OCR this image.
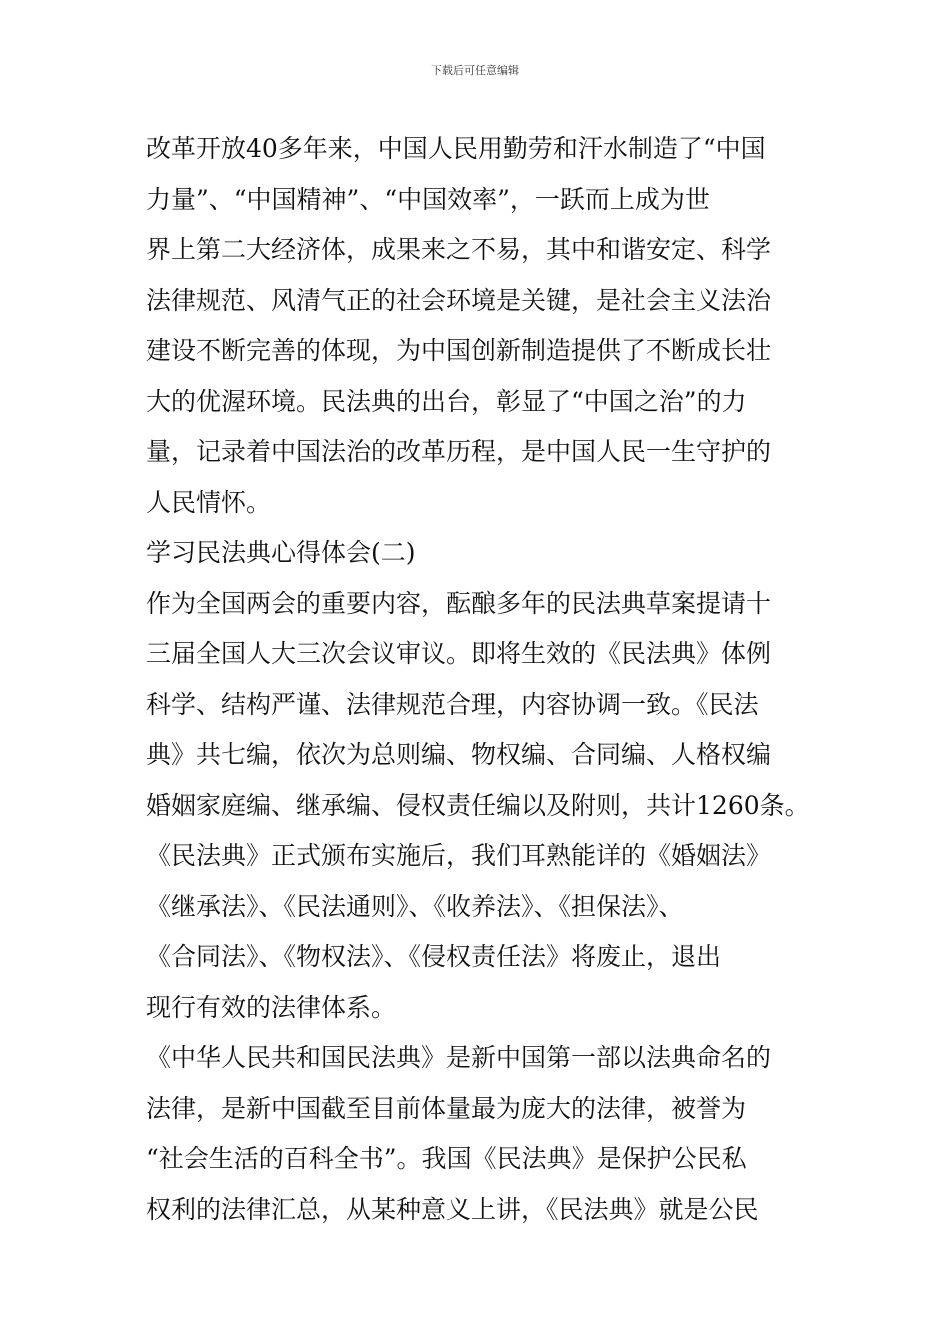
下载后可任意编辑
改革开放40多年来，中国人民用勤劳和汗水制造了“中国
力量”、“中国精神”、“中国效率”，一跃而上成为世
界上第二大经济体，成果来之不易，其中和谐安定、科学
法律规范、风清气正的社会环境是关键，是社会主义法治
建设不断完善的体现，为中国创新制造提供了不断成长壮
大的优渥环境。民法典的出台，彰显了“中国之治”的力
量，记录着中国法治的改革历程，是中国人民一生守护的
人民情怀。
学习民法典心得体会(二)
作为全国两会的重要内容，酝酿多年的民法典草案提请十
三届全国人大三次会议审议。即将生效的《民法典》体例
科学、结构严谨、法律规范合理，内容协调一致。《民法
典》共七编，依次为总则编、物权编、合同编、人格权编
婚姻家庭编、继承编、侵权责任编以及附则，共计1260条。
《民法典》正式颁布实施后，我们耳熟能详的《婚姻法》
《继承法》、《民法通则》、《收养法》、《担保法》、
《合同法》、《物权法》、《侵权责任法》将废止，退出
现行有效的法律体系。
《中华人民共和国民法典》是新中国第一部以法典命名的
法律，是新中国截至目前体量最为庞大的法律，被誉为
“社会生活的百科全书”。我国《民法典》是保护公民私
权利的法律汇总，从某种意义上讲，《民法典》就是公民
